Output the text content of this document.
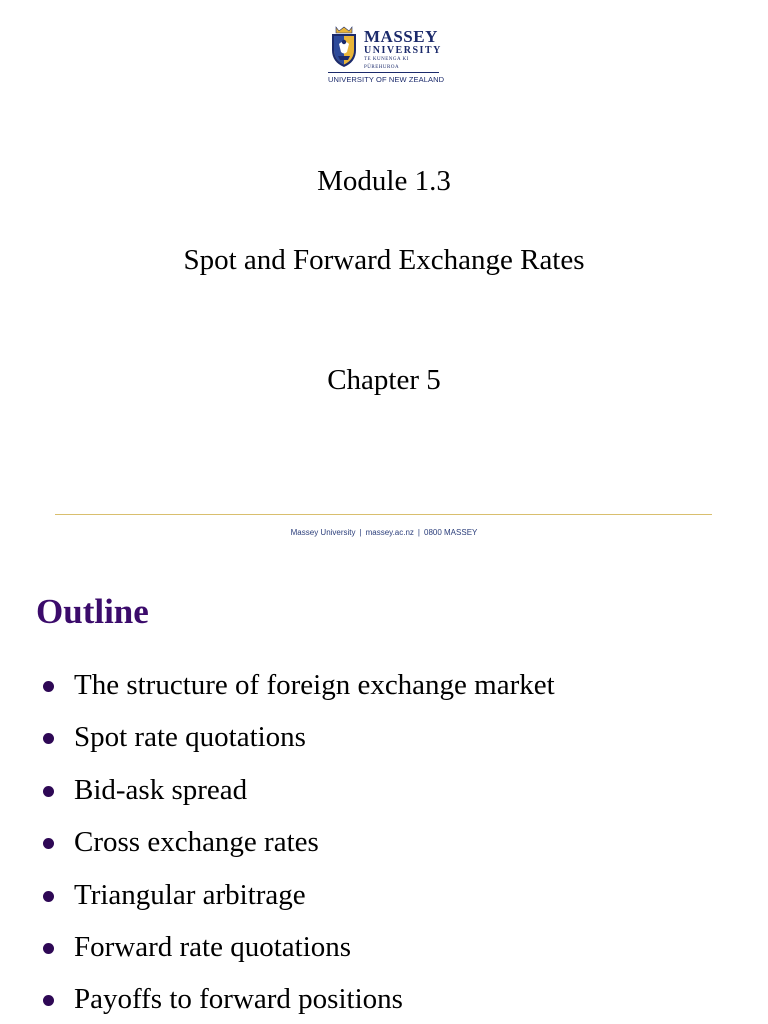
MASSEY
UNIVERSITY
TE KUNENGA KI PŪREHUROA
UNIVERSITY OF NEW ZEALAND
Module 1.3
Spot and Forward Exchange Rates
Chapter 5
Massey University | massey.ac.nz | 0800 MASSEY
Outline
The structure of foreign exchange market
Spot rate quotations
Bid-ask spread
Cross exchange rates
Triangular arbitrage
Forward rate quotations
Payoffs to forward positions
